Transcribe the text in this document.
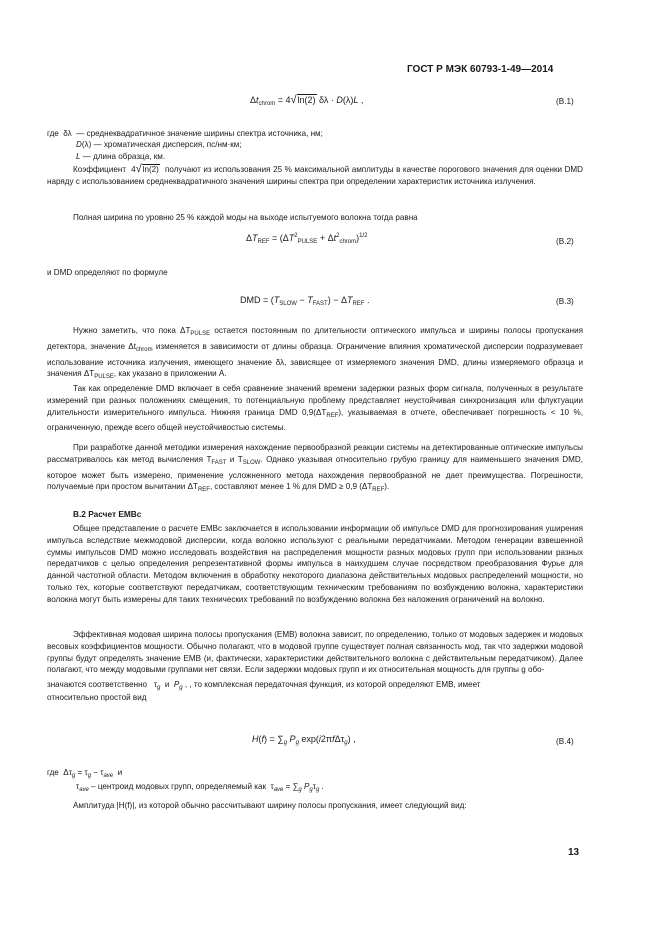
ГОСТ Р МЭК 60793-1-49—2014
$\Delta t_{chrom} = 4√\ln(2) \delta\lambda \cdot D(\lambda)L$ ,	(B.1)
где  δλ  — среднеквадратичное значение ширины спектра источника, нм;
D(λ) — хроматическая дисперсия, пс/нм·км;
L — длина образца, км.
Коэффициент  4√ln(2) получают из использования 25 % максимальной амплитуды в качестве порогового значения для оценки DMD наряду с использованием среднеквадратичного значения ширины спектра при определении характеристик источника излучения.
Полная ширина по уровню 25 % каждой моды на выходе испытуемого волокна тогда равна
$\Delta T_{REF} = (\Delta T^2_{PULSE} + \Delta t^2_{chrom})^{1/2}$
(B.2)
и DMD определяют по формуле
DMD = $(T_{SLOW} - T_{FAST}) - \Delta T_{REF}$ .	(B.3)
Нужно заметить, что пока $\Delta T_{PULSE}$ остается постоянным по длительности оптического импульса и ширины полосы пропускания детектора, значение $\Delta t_{chrom}$ изменяется в зависимости от длины образца. Ограничение влияния хроматической дисперсии подразумевает использование источника излучения, имеющего значение δλ, зависящее от измеряемого значения DMD, длины измеряемого образца и значения $\Delta T_{PULSE}$, как указано в приложении А.
Так как определение DMD включает в себя сравнение значений времени задержки разных форм сигнала, полученных в результате измерений при разных положениях смещения, то потенциальную проблему представляет неустойчивая синхронизация или флуктуации длительности измерительного импульса. Нижняя граница DMD $0,9(\Delta T_{REF})$, указываемая в отчете, обеспечивает погрешность < 10 %, ограниченную, прежде всего общей неустойчивостью системы.
При разработке данной методики измерения нахождение первообразной реакции системы на детектированные оптические импульсы рассматривалось как метод вычисления $T_{FAST}$ и $T_{SLOW}$. Однако указывая относительно грубую границу для наименьшего значения DMD, которое может быть измерено, применение усложненного метода нахождения первообразной не дает преимущества. Погрешности, получаемые при простом вычитании $\Delta T_{REF}$, составляют менее 1 % для DMD ≥ 0,9 $(\Delta T_{REF})$.
B.2 Расчет EMBс
Общее представление о расчете EMBс заключается в использовании информации об импульсе DMD для прогнозирования уширения импульса вследствие межмодовой дисперсии, когда волокно используют с реальными передатчиками. Методом генерации взвешенной суммы импульсов DMD можно исследовать воздействия на распределения мощности разных модовых групп при использовании разных передатчиков с целью определения репрезентативной формы импульса в наихудшем случае посредством преобразования Фурье для данной частотной области. Методом включения в обработку некоторого диапазона действительных модовых распределений мощности, но только тех, которые соответствуют передатчикам, соответствующим техническим требованиям по возбуждению волокна, характеристики волокна могут быть измерены для таких технических требований по возбуждению волокна без наложения ограничений на волокно.
Эффективная модовая ширина полосы пропускания (EMB) волокна зависит, по определению, только от модовых задержек и модовых весовых коэффициентов мощности. Обычно полагают, что в модовой группе существует полная связанность мод, так что задержки модовой группы будут определять значение EMB (и, фактически, характеристики действительного волокна с действительным передатчиком). Далее полагают, что между модовыми группами нет связи. Если задержки модовых групп и их относительная мощность для группы g обо-
значаются соответственно   $\tau_g$ и $P_g$ , , то комплексная передаточная функция, из которой определяют EMB, имеет
относительно простой вид
$H(f) = \sum_g$ $P_g$ exp(i2πfΔτ$_g$) ,	(B.4)
где  $\Delta\tau_g = \tau_g - \tau_{ave}$ и
$\tau_{ave}$ – центроид модовых групп, определяемый как  $\tau_{ave} = \sum_g$ $P_g\tau_g$ .
Амплитуда |H(f)|, из которой обычно рассчитывают ширину полосы пропускания, имеет следующий вид:
13
